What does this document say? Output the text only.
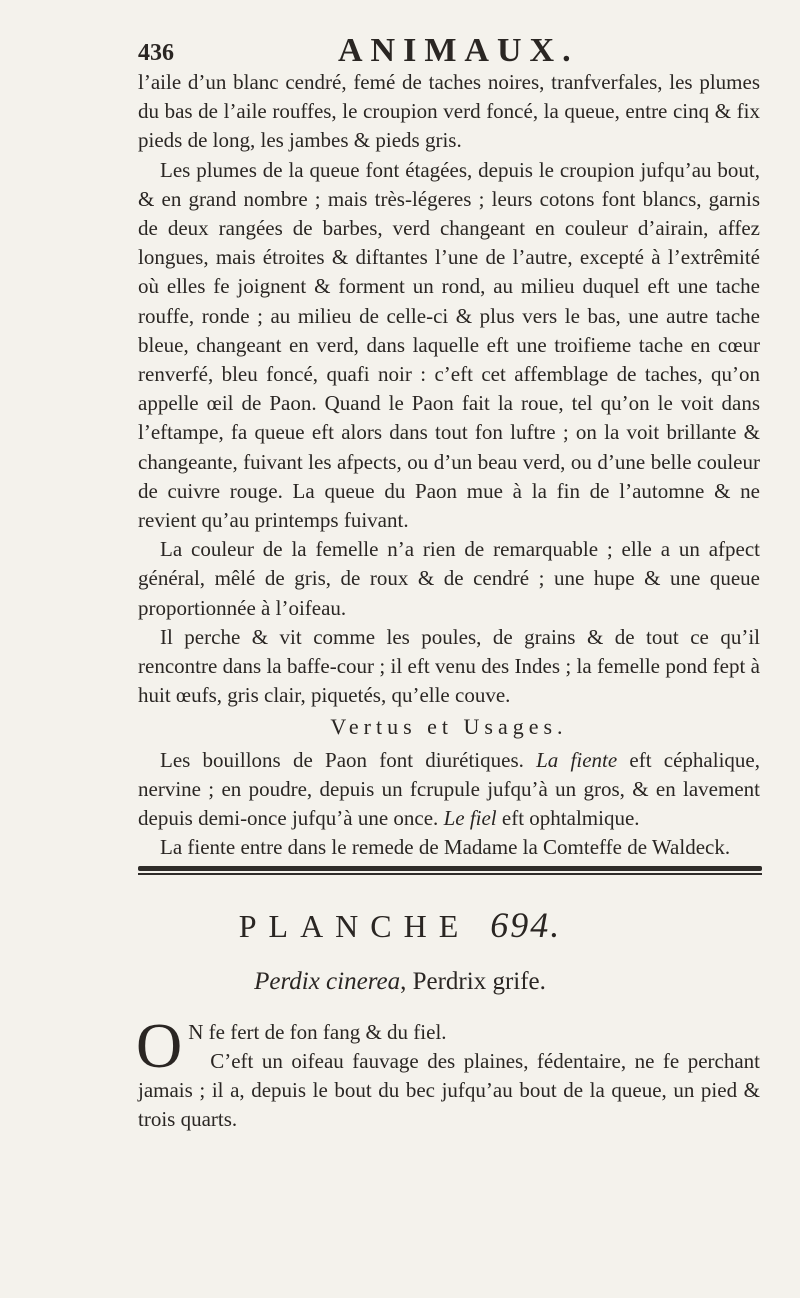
436	ANIMAUX.

l’aile d’un blanc cendré, femé de taches noires, tranfverfales, les plumes du bas de l’aile rouffes, le croupion verd foncé, la queue, entre cinq & fix pieds de long, les jambes & pieds gris.

Les plumes de la queue font étagées, depuis le croupion jufqu’au bout, & en grand nombre ; mais très-légeres ; leurs cotons font blancs, garnis de deux rangées de barbes, verd changeant en couleur d’airain, affez longues, mais étroites & diftantes l’une de l’autre, excepté à l’extrêmité où elles fe joignent & forment un rond, au milieu duquel eft une tache rouffe, ronde ; au milieu de celle-ci & plus vers le bas, une autre tache bleue, changeant en verd, dans laquelle eft une troifieme tache en cœur renverfé, bleu foncé, quafi noir : c’eft cet affemblage de taches, qu’on appelle œil de Paon. Quand le Paon fait la roue, tel qu’on le voit dans l’eftampe, fa queue eft alors dans tout fon luftre ; on la voit brillante & changeante, fuivant les afpects, ou d’un beau verd, ou d’une belle couleur de cuivre rouge. La queue du Paon mue à la fin de l’automne & ne revient qu’au printemps fuivant.

La couleur de la femelle n’a rien de remarquable ; elle a un afpect général, mêlé de gris, de roux & de cendré ; une hupe & une queue proportionnée à l’oifeau.

Il perche & vit comme les poules, de grains & de tout ce qu’il rencontre dans la baffe-cour ; il eft venu des Indes ; la femelle pond fept à huit œufs, gris clair, piquetés, qu’elle couve.

Vertus et Usages.

Les bouillons de Paon font diurétiques. La fiente eft céphalique, nervine ; en poudre, depuis un fcrupule jufqu’à un gros, & en lavement depuis demi-once jufqu’à une once. Le fiel eft ophtalmique.

La fiente entre dans le remede de Madame la Comteffe de Waldeck.

PLANCHE 694.
Perdix cinerea, Perdrix grife.
O N fe fert de fon fang & du fiel.

C’eft un oifeau fauvage des plaines, fédentaire, ne fe perchant jamais ; il a, depuis le bout du bec jufqu’au bout de la queue, un pied & trois quarts.
